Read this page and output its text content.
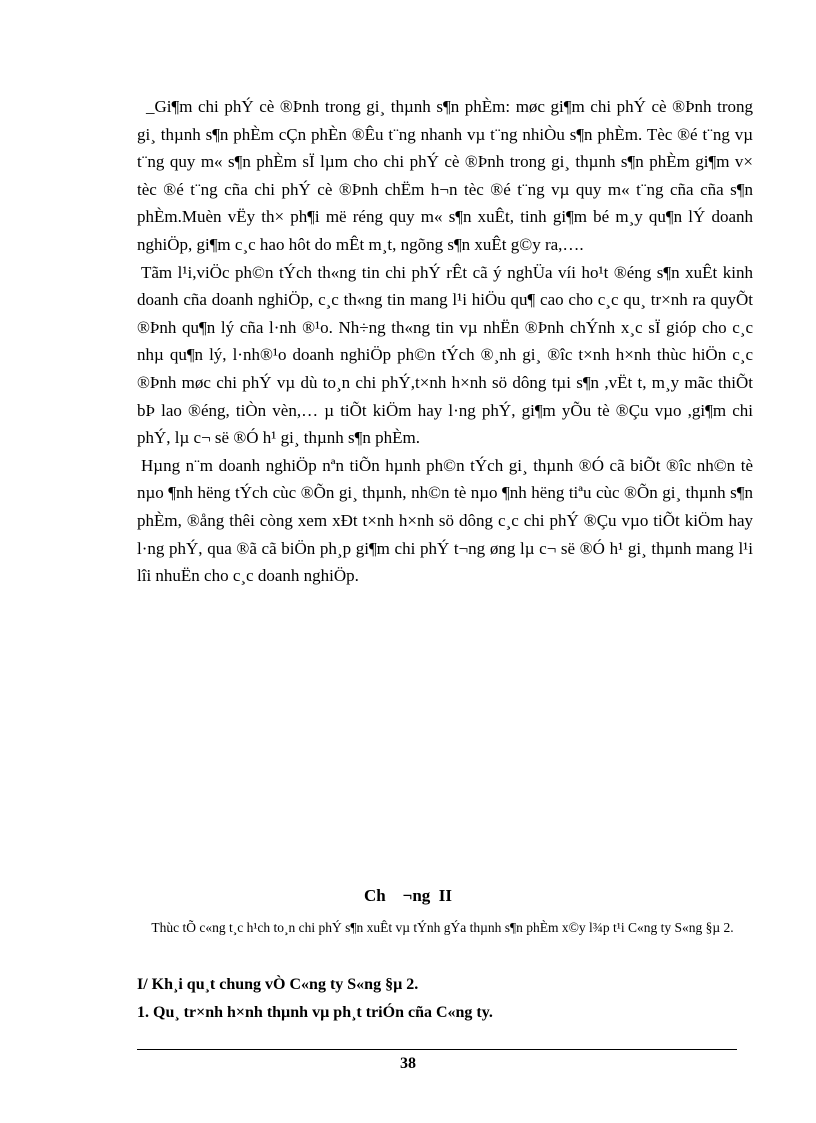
_Gi¶m chi phÝ cè ®Þnh trong gi¸ thµnh s¶n phÈm: møc gi¶m chi phÝ cè ®Þnh trong gi¸ thµnh s¶n phÈm cÇn phÈn ®Êu t¨ng nhanh vµ t¨ng nhiÒu s¶n phÈm. Tèc ®é t¨ng vµ t¨ng quy m« s¶n phÈm sÏ lµm cho chi phÝ cè ®Þnh trong gi¸ thµnh s¶n phÈm gi¶m v× tèc ®é t¨ng cña chi phÝ cè ®Þnh chËm h¬n tèc ®é t¨ng vµ quy m« t¨ng cña cña s¶n phÈm.Muèn vËy th× ph¶i më réng quy m« s¶n xuÊt, tinh gi¶m bé m¸y qu¶n lÝ doanh nghiÖp, gi¶m c¸c hao hôt do mÊt m¸t, ngõng s¶n xuÊt g©y ra,….

Tãm l¹i,viÖc ph©n tÝch th«ng tin chi phÝ rÊt cã ý nghÜa víi ho¹t ®éng s¶n xuÊt kinh doanh cña doanh nghiÖp, c¸c th«ng tin mang l¹i hiÖu qu¶ cao cho c¸c qu¸ tr×nh ra quyÕt ®Þnh qu¶n lý cña l·nh ®¹o. Nh÷ng th«ng tin vµ nhËn ®Þnh chÝnh x¸c sÏ gióp cho c¸c nhµ qu¶n lý, l·nh®¹o doanh nghiÖp ph©n tÝch ®¸nh gi¸ ®îc t×nh h×nh thùc hiÖn c¸c ®Þnh møc chi phÝ vµ dù to¸n chi phÝ,t×nh h×nh sö dông tµi s¶n ,vËt t, m¸y mãc thiÕt bÞ lao ®éng, tiÒn vèn,… µ tiÕt kiÖm hay l·ng phÝ, gi¶m yÕu tè ®Çu vµo ,gi¶m chi phÝ, lµ c¬ së ®Ó h¹ gi¸ thµnh s¶n phÈm.

Hµng n¨m doanh nghiÖp nªn tiÕn hµnh ph©n tÝch gi¸ thµnh ®Ó cã biÕt ®îc nh©n tè nµo ¶nh hëng tÝch cùc ®Õn gi¸ thµnh, nh©n tè nµo ¶nh hëng tiªu cùc ®Õn gi¸ thµnh s¶n phÈm, ®ång thêi còng xem xÐt t×nh h×nh sö dông c¸c chi phÝ ®Çu vµo tiÕt kiÖm hay l·ng phÝ, qua ®ã cã biÖn ph¸p gi¶m chi phÝ t¬ng øng lµ c¬ së ®Ó h¹ gi¸ thµnh mang l¹i lîi nhuËn cho c¸c doanh nghiÖp.

Ch    ¬ng  II
Thùc tÕ c«ng t¸c h¹ch to¸n chi phÝ s¶n xuÊt vµ tÝnh gÝa thµnh s¶n phÈm x©y l¾p t¹i C«ng ty S«ng §µ 2.
I/ Kh¸i qu¸t chung vÒ C«ng ty S«ng §µ 2.
1. Qu¸ tr×nh h×nh thµnh vµ ph¸t triÓn cña C«ng ty.
38
